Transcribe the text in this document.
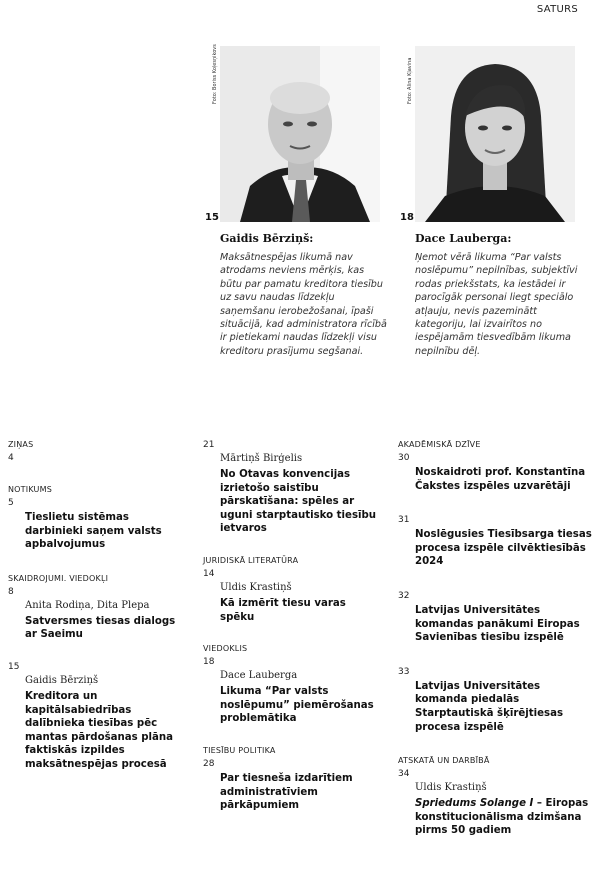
SATURS
Foto: Boriss Koļesņikovs
15
Gaidis Bērziņš:
Maksātnespējas likumā nav atrodams neviens mērķis, kas būtu par pamatu kreditora tiesību uz savu naudas līdzekļu saņemšanu ierobežošanai, īpaši situācijā, kad administratora rīcībā ir pietiekami naudas līdzekļi visu kreditoru prasījumu segšanai.
Foto: Alina Kļavina
18
Dace Lauberga:
Ņemot vērā likuma “Par valsts noslēpumu” nepilnības, subjektīvi rodas priekšstats, ka iestādei ir parocīgāk personai liegt speciālo atļauju, nevis pazeminātt kategoriju, lai izvairītos no iespējamām tiesvedībām likuma nepilnību dēļ.
ZIŅAS
4
NOTIKUMS
5
Tieslietu sistēmas darbinieki saņem valsts apbalvojumus
SKAIDROJUMI. VIEDOKĻI
8
Anita Rodiņa, Dita Plepa
Satversmes tiesas dialogs ar Saeimu
15
Gaidis Bērziņš
Kreditora un kapitālsabiedrības dalībnieka tiesības pēc mantas pārdošanas plāna faktiskās izpildes maksātnespējas procesā
21
Mārtiņš Birģelis
No Otavas konvencijas izrietošo saistību pārskatīšana: spēles ar uguni starptautisko tiesību ietvaros
JURIDISKĀ LITERATŪRA
14
Uldis Krastiņš
Kā izmērīt tiesu varas spēku
VIEDOKLIS
18
Dace Lauberga
Likuma “Par valsts noslēpumu” piemērošanas problemātika
TIESĪBU POLITIKA
28
Par tiesneša izdarītiem administratīviem pārkāpumiem
AKADĒMISKĀ DZĪVE
30
Noskaidroti prof. Konstantīna Čakstes izspēles uzvarētāji
31
Noslēgusies Tiesībsarga tiesas procesa izspēle cilvēktiesībās 2024
32
Latvijas Universitātes komandas panākumi Eiropas Savienības tiesību izspēlē
33
Latvijas Universitātes komanda piedalās Starptautiskā šķīrējtiesas procesa izspēlē
ATSKATĀ UN DARBĪBĀ
34
Uldis Krastiņš
Spriedums Solange I – Eiropas konstitucionālisma dzimšana pirms 50 gadiem
